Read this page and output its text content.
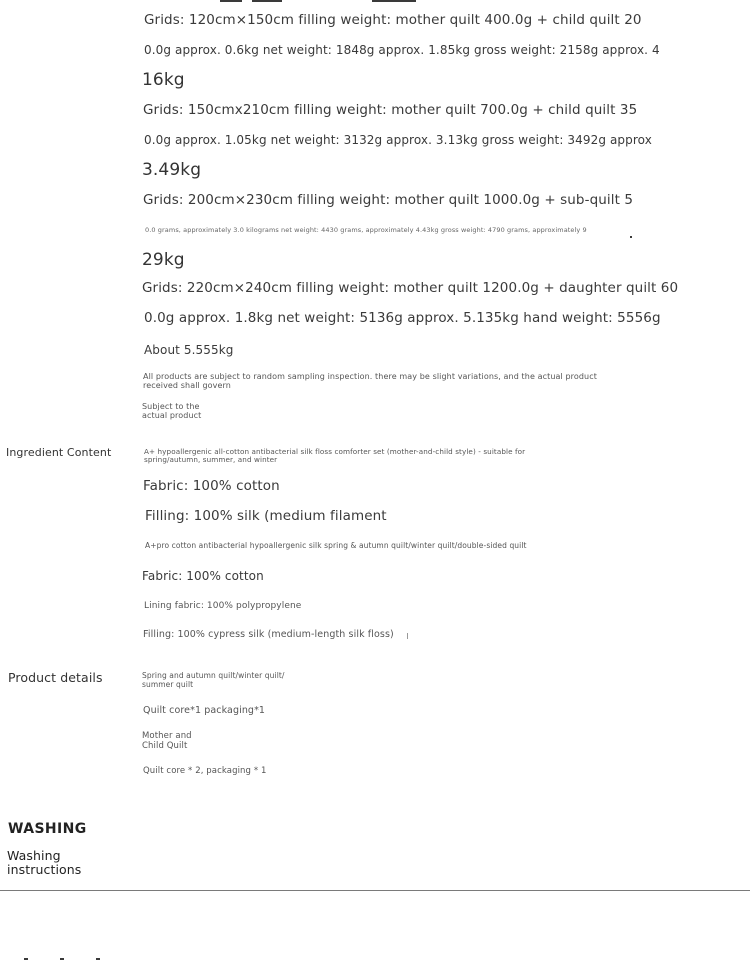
Grids: 120cm×150cm filling weight: mother quilt 400.0g + child quilt 20
0.0g approx. 0.6kg net weight: 1848g approx. 1.85kg gross weight: 2158g approx. 4
16kg
Grids: 150cmx210cm filling weight: mother quilt 700.0g + child quilt 35
0.0g approx. 1.05kg net weight: 3132g approx. 3.13kg gross weight: 3492g approx
3.49kg
Grids: 200cm×230cm filling weight: mother quilt 1000.0g + sub-quilt 5
0.0 grams, approximately 3.0 kilograms net weight: 4430 grams, approximately 4.43kg gross weight: 4790 grams, approximately 9
29kg
Grids: 220cm×240cm filling weight: mother quilt 1200.0g + daughter quilt 60
0.0g approx. 1.8kg net weight: 5136g approx. 5.135kg hand weight: 5556g
About 5.555kg
All products are subject to random sampling inspection. there may be slight variations, and the actual product received shall govern
Subject to the actual product
Ingredient Content	A+ hypoallergenic all-cotton antibacterial silk floss comforter set (mother-and-child style) - suitable for spring/autumn, summer, and winter
Fabric: 100% cotton
Filling: 100% silk (medium filament
A+pro cotton antibacterial hypoallergenic silk spring & autumn quilt/winter quilt/double-sided quilt
Fabric: 100% cotton
Lining fabric: 100% polypropylene
Filling: 100% cypress silk (medium-length silk floss)
Product details	Spring and autumn quilt/winter quilt/ summer quilt
Quilt core*1 packaging*1
Mother and Child Quilt
Quilt core * 2, packaging * 1
WASHING
Washing instructions
